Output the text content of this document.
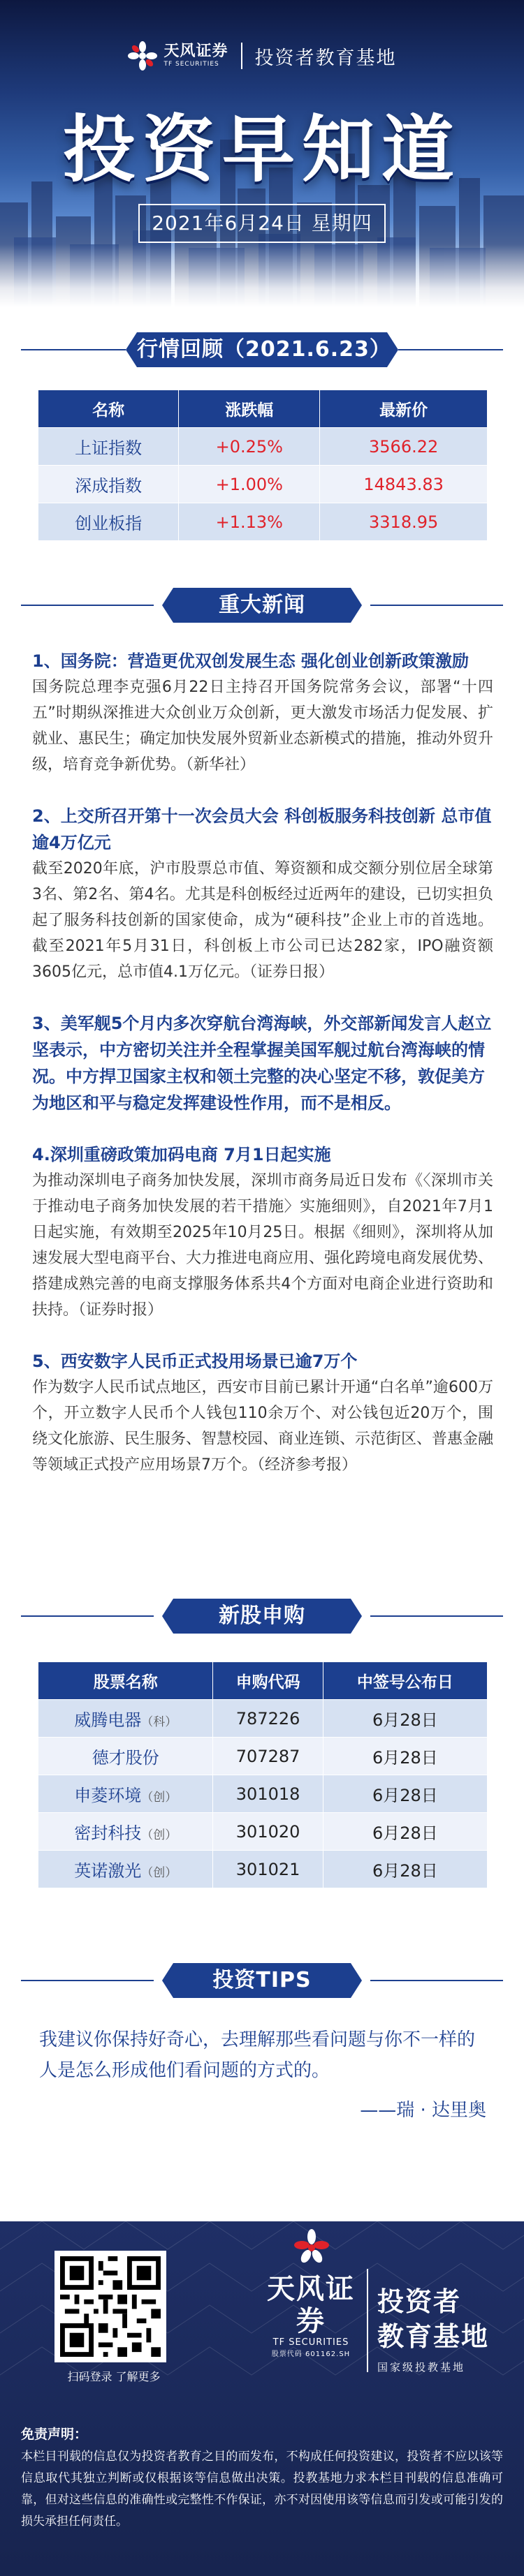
天风证券
TF SECURITIES	投资者教育基地
投资早知道
2021年6月24日 星期四
行情回顾（2021.6.23）
名称	涨跌幅	最新价
上证指数	+0.25%	3566.22
深成指数	+1.00%	14843.83
创业板指	+1.13%	3318.95
重大新闻
1、国务院：营造更优双创发展生态 强化创业创新政策激励
国务院总理李克强6月22日主持召开国务院常务会议，部署“十四五”时期纵深推进大众创业万众创新，更大激发市场活力促发展、扩就业、惠民生；确定加快发展外贸新业态新模式的措施，推动外贸升级，培育竞争新优势。（新华社）
2、上交所召开第十一次会员大会 科创板服务科技创新 总市值逾4万亿元
截至2020年底，沪市股票总市值、筹资额和成交额分别位居全球第3名、第2名、第4名。尤其是科创板经过近两年的建设，已切实担负起了服务科技创新的国家使命，成为“硬科技”企业上市的首选地。截至2021年5月31日，科创板上市公司已达282家，IPO融资额3605亿元，总市值4.1万亿元。（证券日报）
3、美军舰5个月内多次穿航台湾海峡，外交部新闻发言人赵立坚表示，中方密切关注并全程掌握美国军舰过航台湾海峡的情况。中方捍卫国家主权和领土完整的决心坚定不移，敦促美方为地区和平与稳定发挥建设性作用，而不是相反。
4.深圳重磅政策加码电商 7月1日起实施
为推动深圳电子商务加快发展，深圳市商务局近日发布《〈深圳市关于推动电子商务加快发展的若干措施〉实施细则》，自2021年7月1日起实施，有效期至2025年10月25日。根据《细则》，深圳将从加速发展大型电商平台、大力推进电商应用、强化跨境电商发展优势、搭建成熟完善的电商支撑服务体系共4个方面对电商企业进行资助和扶持。（证券时报）
5、西安数字人民币正式投用场景已逾7万个
作为数字人民币试点地区，西安市目前已累计开通“白名单”逾600万个，开立数字人民币个人钱包110余万个、对公钱包近20万个，围绕文化旅游、民生服务、智慧校园、商业连锁、示范街区、普惠金融等领域正式投产应用场景7万个。（经济参考报）
新股申购
股票名称	申购代码	中签号公布日
威腾电器（科）	787226	6月28日
德才股份	707287	6月28日
申菱环境（创）	301018	6月28日
密封科技（创）	301020	6月28日
英诺激光（创）	301021	6月28日
投资TIPS
我建议你保持好奇心，去理解那些看问题与你不一样的人是怎么形成他们看问题的方式的。
——瑞 · 达里奥
扫码登录 了解更多
天风证券
TF SECURITIES
股票代码 601162.SH
投资者
教育基地
国家级投教基地
免责声明：
本栏目刊载的信息仅为投资者教育之目的而发布，不构成任何投资建议，投资者不应以该等信息取代其独立判断或仅根据该等信息做出决策。投教基地力求本栏目刊载的信息准确可靠，但对这些信息的准确性或完整性不作保证，亦不对因使用该等信息而引发或可能引发的损失承担任何责任。
